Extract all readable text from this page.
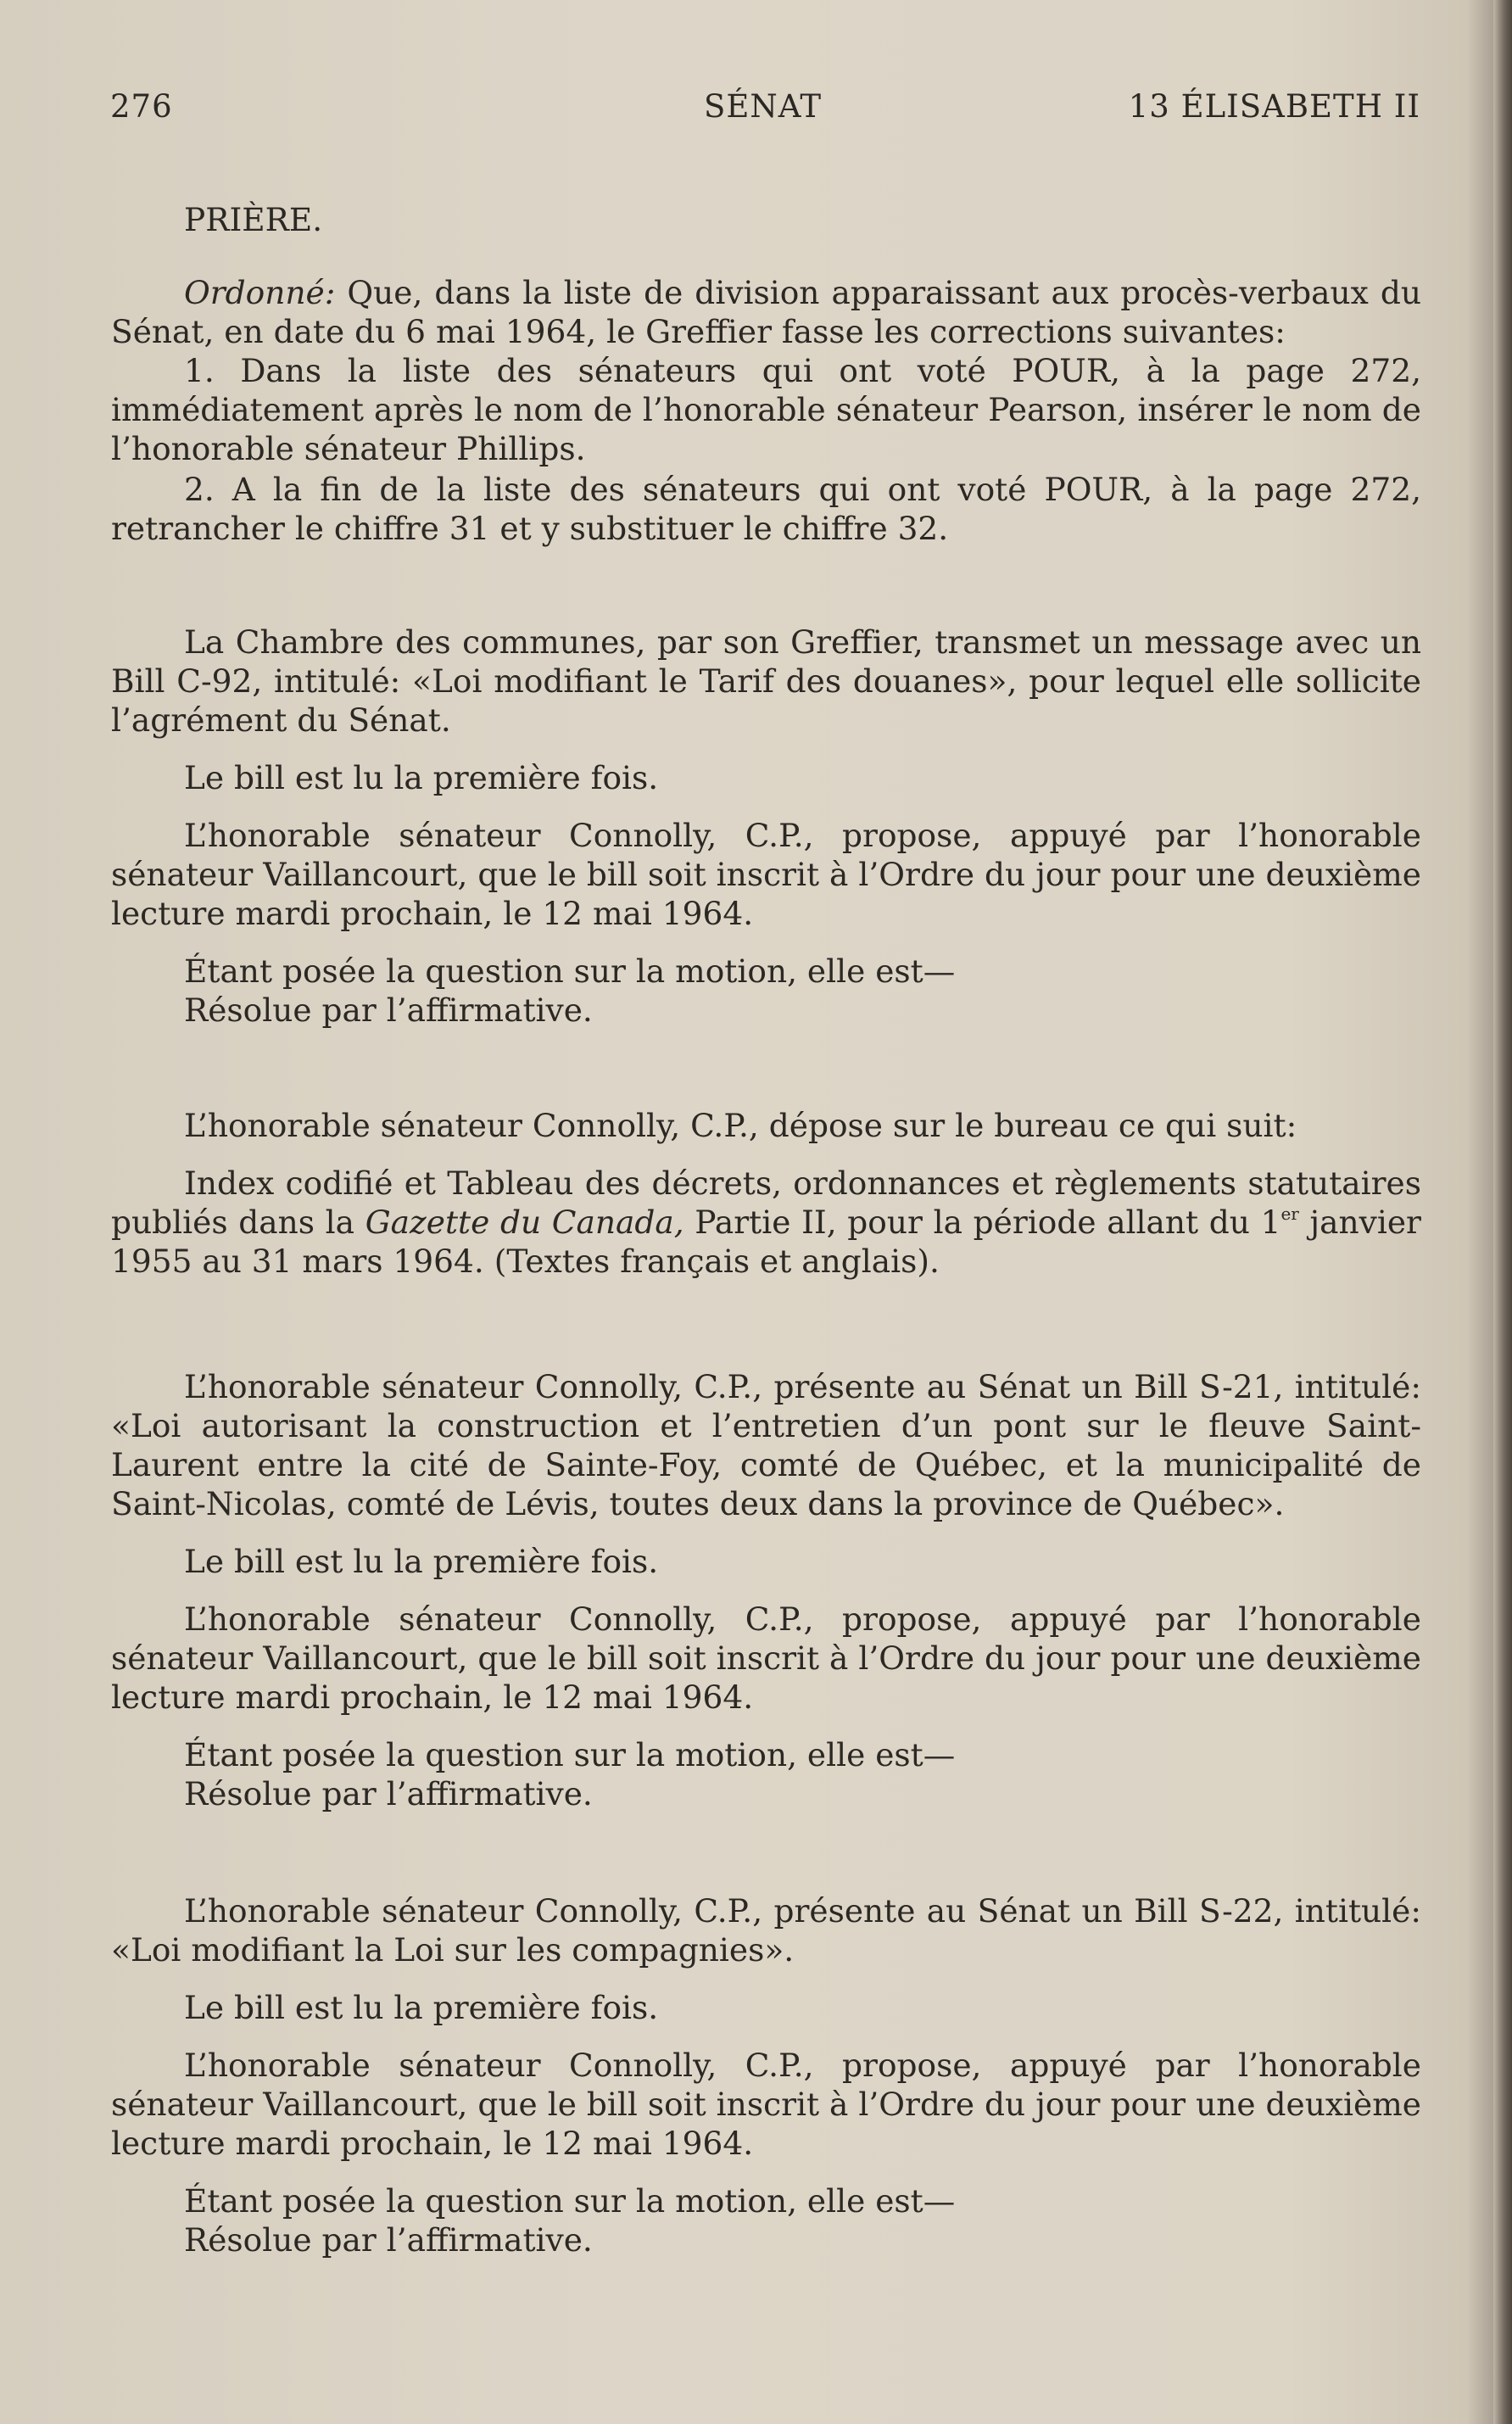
276	SÉNAT	13 ÉLISABETH II

PRIÈRE.

Ordonné: Que, dans la liste de division apparaissant aux procès-verbaux du Sénat, en date du 6 mai 1964, le Greffier fasse les corrections suivantes:

1. Dans la liste des sénateurs qui ont voté POUR, à la page 272, immédiatement après le nom de l’honorable sénateur Pearson, insérer le nom de l’honorable sénateur Phillips.

2. A la fin de la liste des sénateurs qui ont voté POUR, à la page 272, retrancher le chiffre 31 et y substituer le chiffre 32.

La Chambre des communes, par son Greffier, transmet un message avec un Bill C-92, intitulé: «Loi modifiant le Tarif des douanes», pour lequel elle sollicite l’agrément du Sénat.

Le bill est lu la première fois.

L’honorable sénateur Connolly, C.P., propose, appuyé par l’honorable sénateur Vaillancourt, que le bill soit inscrit à l’Ordre du jour pour une deuxième lecture mardi prochain, le 12 mai 1964.

Étant posée la question sur la motion, elle est—

Résolue par l’affirmative.

L’honorable sénateur Connolly, C.P., dépose sur le bureau ce qui suit:

Index codifié et Tableau des décrets, ordonnances et règlements statutaires publiés dans la Gazette du Canada, Partie II, pour la période allant du 1er janvier 1955 au 31 mars 1964. (Textes français et anglais).

L’honorable sénateur Connolly, C.P., présente au Sénat un Bill S-21, intitulé: «Loi autorisant la construction et l’entretien d’un pont sur le fleuve Saint-Laurent entre la cité de Sainte-Foy, comté de Québec, et la municipalité de Saint-Nicolas, comté de Lévis, toutes deux dans la province de Québec».

Le bill est lu la première fois.

L’honorable sénateur Connolly, C.P., propose, appuyé par l’honorable sénateur Vaillancourt, que le bill soit inscrit à l’Ordre du jour pour une deuxième lecture mardi prochain, le 12 mai 1964.

Étant posée la question sur la motion, elle est—

Résolue par l’affirmative.

L’honorable sénateur Connolly, C.P., présente au Sénat un Bill S-22, intitulé: «Loi modifiant la Loi sur les compagnies».

Le bill est lu la première fois.

L’honorable sénateur Connolly, C.P., propose, appuyé par l’honorable sénateur Vaillancourt, que le bill soit inscrit à l’Ordre du jour pour une deuxième lecture mardi prochain, le 12 mai 1964.

Étant posée la question sur la motion, elle est—

Résolue par l’affirmative.
